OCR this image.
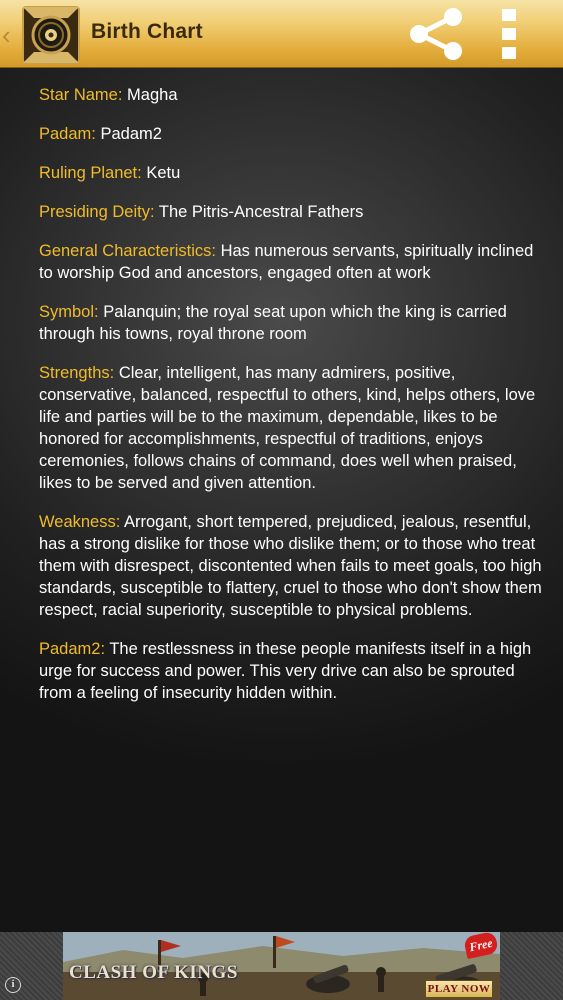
‹	Birth Chart
Star Name: Magha
Padam: Padam2
Ruling Planet: Ketu
Presiding Deity: The Pitris-Ancestral Fathers
General Characteristics: Has numerous servants, spiritually inclined to worship God and ancestors, engaged often at work
Symbol: Palanquin; the royal seat upon which the king is carried through his towns, royal throne room
Strengths: Clear, intelligent, has many admirers, positive, conservative, balanced, respectful to others, kind, helps others, love life and parties will be to the maximum, dependable, likes to be honored for accomplishments, respectful of traditions, enjoys ceremonies, follows chains of command, does well when praised, likes to be served and given attention.
Weakness: Arrogant, short tempered, prejudiced, jealous, resentful, has a strong dislike for those who dislike them; or to those who treat them with disrespect, discontented when fails to meet goals, too high standards, susceptible to flattery, cruel to those who don't show them respect, racial superiority, susceptible to physical problems.
Padam2: The restlessness in these people manifests itself in a high urge for success and power. This very drive can also be sprouted from a feeling of insecurity hidden within.
CLASH OF KINGS
Free
PLAY NOW
i
